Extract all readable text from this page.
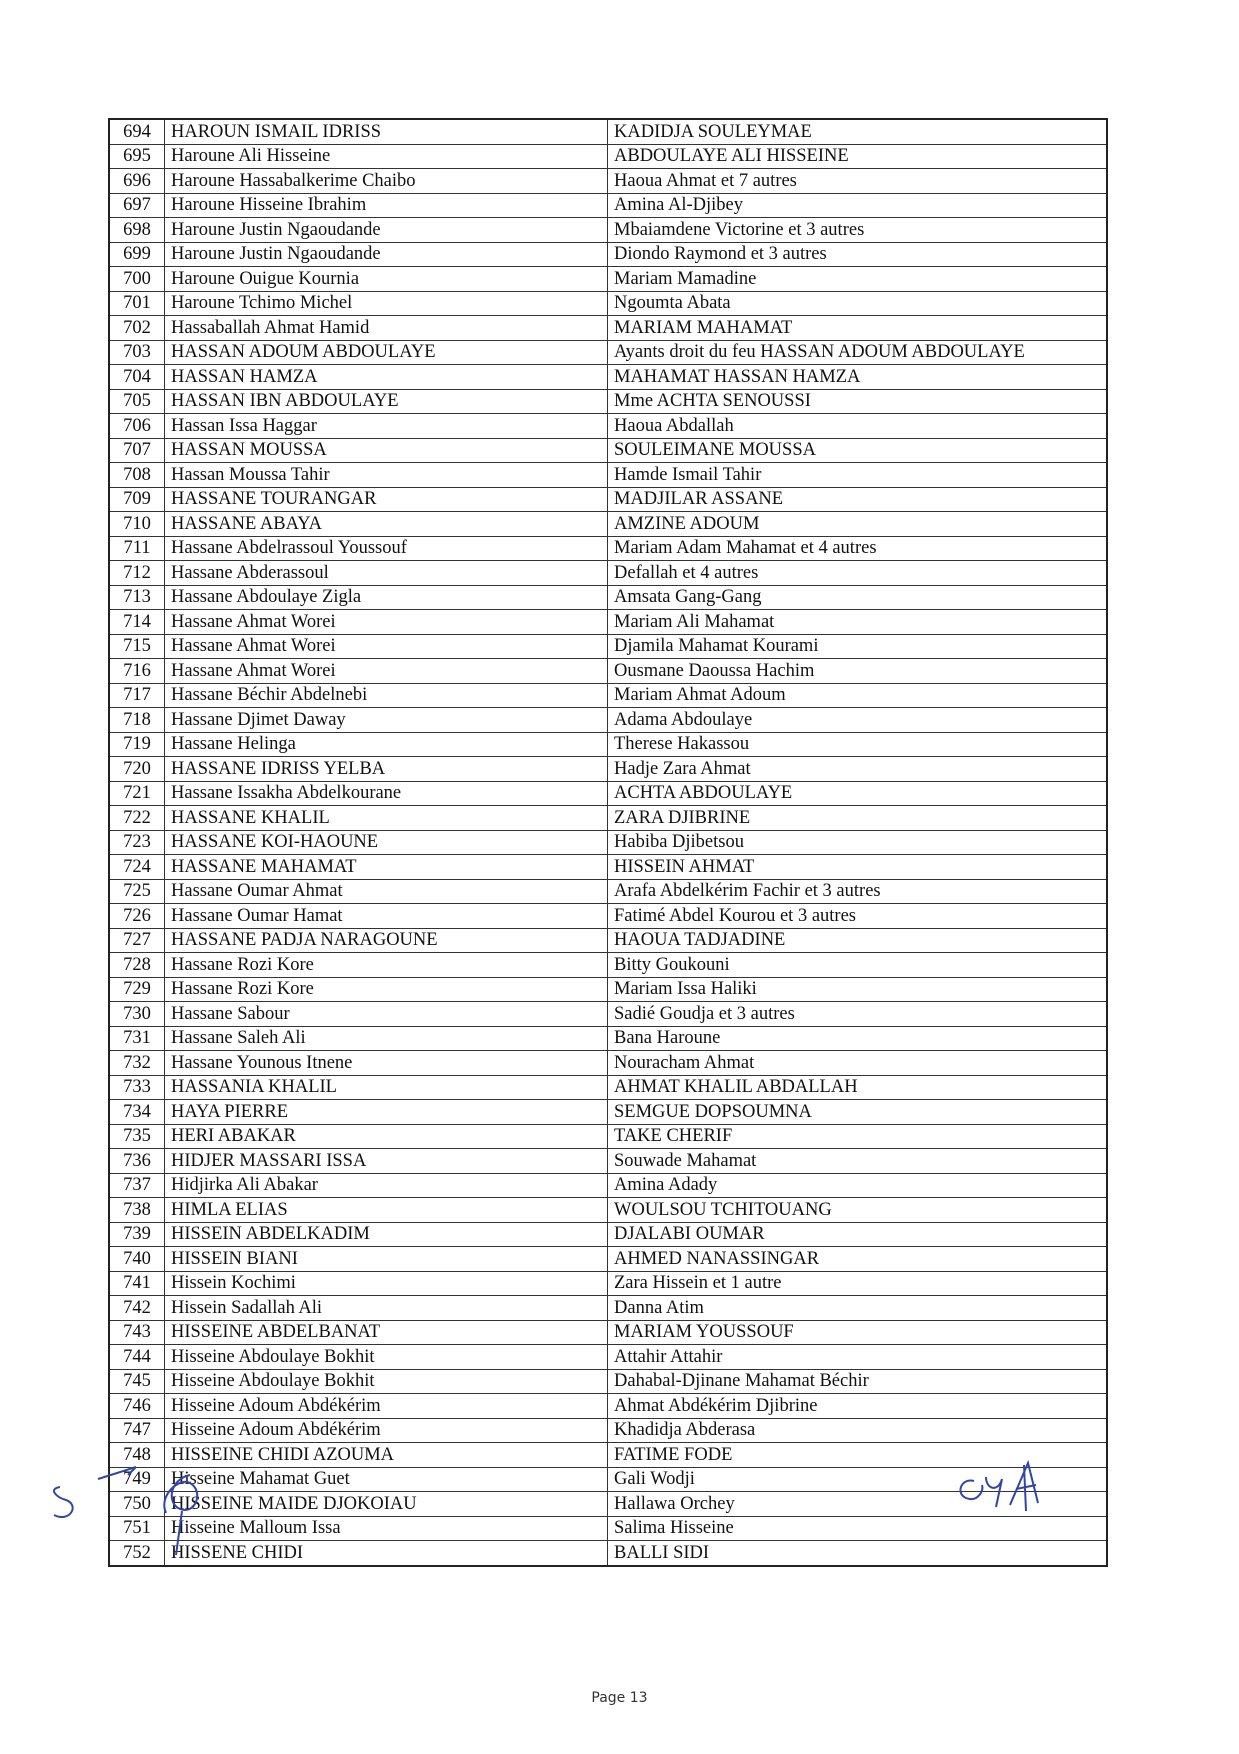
694	HAROUN ISMAIL IDRISS	KADIDJA SOULEYMAE
695	Haroune Ali Hisseine	ABDOULAYE ALI HISSEINE
696	Haroune Hassabalkerime Chaibo	Haoua Ahmat et 7 autres
697	Haroune Hisseine Ibrahim	Amina Al-Djibey
698	Haroune Justin Ngaoudande	Mbaiamdene Victorine et 3 autres
699	Haroune Justin Ngaoudande	Diondo Raymond et 3 autres
700	Haroune Ouigue Kournia	Mariam Mamadine
701	Haroune Tchimo Michel	Ngoumta Abata
702	Hassaballah Ahmat Hamid	MARIAM MAHAMAT
703	HASSAN ADOUM ABDOULAYE	Ayants droit du feu HASSAN ADOUM ABDOULAYE
704	HASSAN HAMZA	MAHAMAT HASSAN HAMZA
705	HASSAN IBN ABDOULAYE	Mme ACHTA SENOUSSI
706	Hassan Issa Haggar	Haoua Abdallah
707	HASSAN MOUSSA	SOULEIMANE MOUSSA
708	Hassan Moussa Tahir	Hamde Ismail Tahir
709	HASSANE TOURANGAR	MADJILAR ASSANE
710	HASSANE ABAYA	AMZINE ADOUM
711	Hassane Abdelrassoul Youssouf	Mariam Adam Mahamat et 4 autres
712	Hassane Abderassoul	Defallah et 4 autres
713	Hassane Abdoulaye Zigla	Amsata Gang-Gang
714	Hassane Ahmat Worei	Mariam Ali Mahamat
715	Hassane Ahmat Worei	Djamila Mahamat Kourami
716	Hassane Ahmat Worei	Ousmane Daoussa Hachim
717	Hassane Béchir Abdelnebi	Mariam Ahmat Adoum
718	Hassane Djimet Daway	Adama Abdoulaye
719	Hassane Helinga	Therese Hakassou
720	HASSANE IDRISS YELBA	Hadje Zara Ahmat
721	Hassane Issakha Abdelkourane	ACHTA ABDOULAYE
722	HASSANE KHALIL	ZARA DJIBRINE
723	HASSANE KOI-HAOUNE	Habiba Djibetsou
724	HASSANE MAHAMAT	HISSEIN AHMAT
725	Hassane Oumar Ahmat	Arafa Abdelkérim Fachir et 3 autres
726	Hassane Oumar Hamat	Fatimé Abdel Kourou et 3 autres
727	HASSANE PADJA NARAGOUNE	HAOUA TADJADINE
728	Hassane Rozi Kore	Bitty Goukouni
729	Hassane Rozi Kore	Mariam Issa Haliki
730	Hassane Sabour	Sadié Goudja et 3 autres
731	Hassane Saleh Ali	Bana Haroune
732	Hassane Younous Itnene	Nouracham Ahmat
733	HASSANIA KHALIL	AHMAT KHALIL ABDALLAH
734	HAYA PIERRE	SEMGUE DOPSOUMNA
735	HERI ABAKAR	TAKE CHERIF
736	HIDJER MASSARI ISSA	Souwade Mahamat
737	Hidjirka Ali Abakar	Amina Adady
738	HIMLA ELIAS	WOULSOU TCHITOUANG
739	HISSEIN ABDELKADIM	DJALABI OUMAR
740	HISSEIN BIANI	AHMED NANASSINGAR
741	Hissein Kochimi	Zara Hissein et 1 autre
742	Hissein Sadallah Ali	Danna Atim
743	HISSEINE ABDELBANAT	MARIAM YOUSSOUF
744	Hisseine Abdoulaye Bokhit	Attahir Attahir
745	Hisseine Abdoulaye Bokhit	Dahabal-Djinane Mahamat Béchir
746	Hisseine Adoum Abdékérim	Ahmat Abdékérim Djibrine
747	Hisseine Adoum Abdékérim	Khadidja Abderasa
748	HISSEINE CHIDI AZOUMA	FATIME FODE
749	Hisseine Mahamat Guet	Gali Wodji
750	HISSEINE MAIDE DJOKOIAU	Hallawa Orchey
751	Hisseine Malloum Issa	Salima Hisseine
752	HISSENE CHIDI	BALLI SIDI
Page 13
